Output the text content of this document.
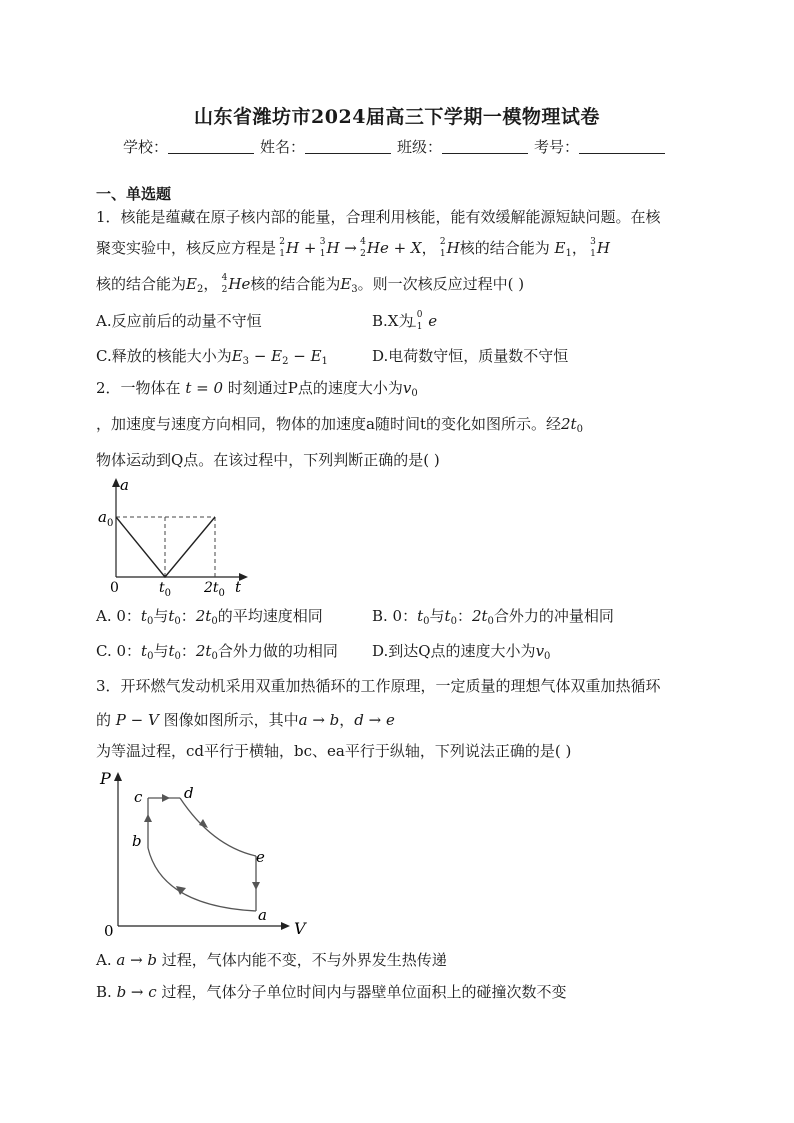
山东省潍坊市2024届高三下学期一模物理试卷
学校：	姓名：	班级：	考号：
一、单选题
1．核能是蕴藏在原子核内部的能量，合理利用核能，能有效缓解能源短缺问题。在核
聚变实验中，核反应方程是 2
1 H + 3
1 H → 4
2 He + X， 2
1 H核的结合能为 $E_1$， 3
1 H
核的结合能为$E_2$， 4
2 He核的结合能为$E_3$。则一次核反应过程中( )
A.反应前后的动量不守恒	B.X为 0
−1 e
C.释放的核能大小为$E_3 - E_2 - E_1$	D.电荷数守恒，质量数不守恒
2．一物体在 t = 0 时刻通过P点的速度大小为$v_0$
，加速度与速度方向相同，物体的加速度a随时间t的变化如图所示。经$2t_0$
物体运动到Q点。在该过程中，下列判断正确的是( )
a
$a_0$
0	$t_0$ $2t_0$ t
A. 0：$t_0$与$t_0$：$2t_0$的平均速度相同	B. 0：$t_0$与$t_0$：$2t_0$合外力的冲量相同
C. 0：$t_0$与$t_0$：$2t_0$合外力做的功相同 D.到达Q点的速度大小为$v_0$
3．开环燃气发动机采用双重加热循环的工作原理，一定质量的理想气体双重加热循环
的 P − V 图像如图所示，其中a → b，d → e
为等温过程，cd平行于横轴，bc、ea平行于纵轴，下列说法正确的是( )
P
V
0
c	d
b
e
a
A. a → b 过程，气体内能不变，不与外界发生热传递
B. b → c 过程，气体分子单位时间内与器壁单位面积上的碰撞次数不变
